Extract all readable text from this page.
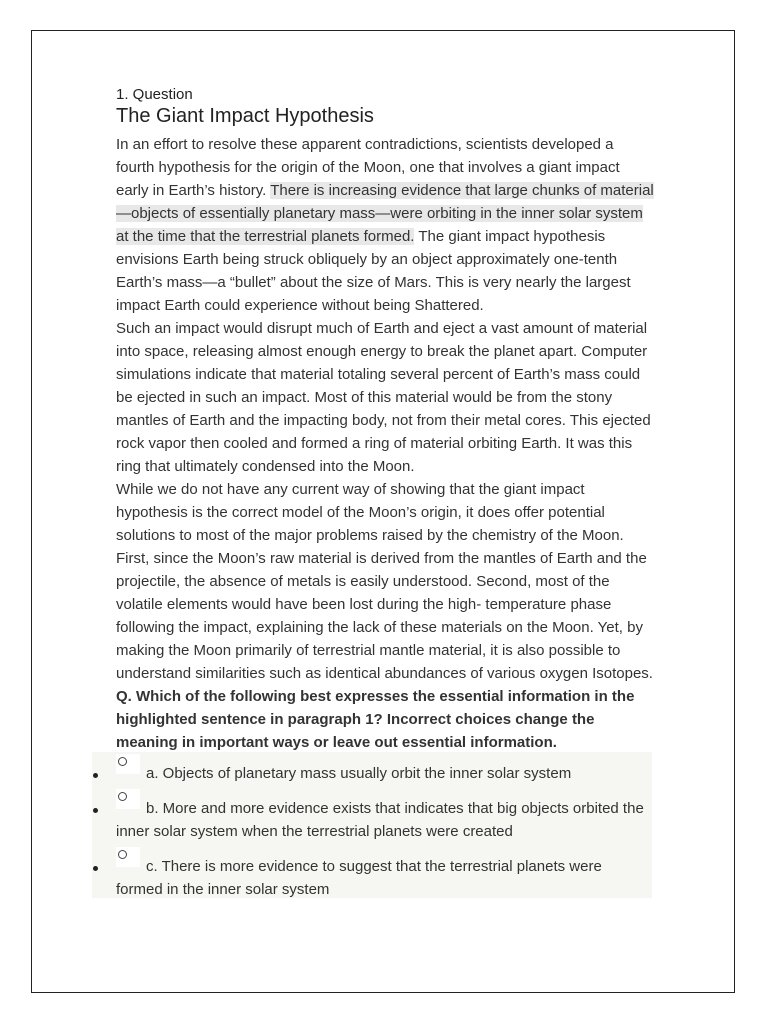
1. Question
The Giant Impact Hypothesis

In an effort to resolve these apparent contradictions, scientists developed a fourth hypothesis for the origin of the Moon, one that involves a giant impact early in Earth’s history. There is increasing evidence that large chunks of material—objects of essentially planetary mass—were orbiting in the inner solar system at the time that the terrestrial planets formed. The giant impact hypothesis envisions Earth being struck obliquely by an object approximately one-tenth Earth’s mass—a “bullet” about the size of Mars. This is very nearly the largest impact Earth could experience without being Shattered.

Such an impact would disrupt much of Earth and eject a vast amount of material into space, releasing almost enough energy to break the planet apart. Computer simulations indicate that material totaling several percent of Earth’s mass could be ejected in such an impact. Most of this material would be from the stony mantles of Earth and the impacting body, not from their metal cores. This ejected rock vapor then cooled and formed a ring of material orbiting Earth. It was this ring that ultimately condensed into the Moon.

While we do not have any current way of showing that the giant impact hypothesis is the correct model of the Moon’s origin, it does offer potential solutions to most of the major problems raised by the chemistry of the Moon. First, since the Moon’s raw material is derived from the mantles of Earth and the projectile, the absence of metals is easily understood. Second, most of the volatile elements would have been lost during the high- temperature phase following the impact, explaining the lack of these materials on the Moon. Yet, by making the Moon primarily of terrestrial mantle material, it is also possible to understand similarities such as identical abundances of various oxygen Isotopes.

Q. Which of the following best expresses the essential information in the highlighted sentence in paragraph 1? Incorrect choices change the meaning in important ways or leave out essential information.

a. Objects of planetary mass usually orbit the inner solar system
b. More and more evidence exists that indicates that big objects orbited the inner solar system when the terrestrial planets were created
c. There is more evidence to suggest that the terrestrial planets were formed in the inner solar system
